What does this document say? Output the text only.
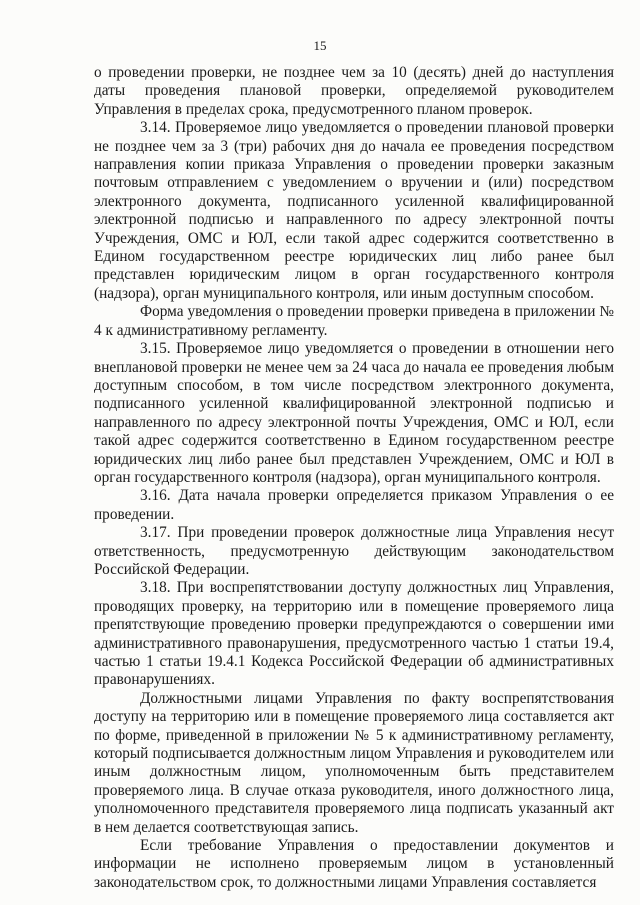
15

о проведении проверки, не позднее чем за 10 (десять) дней до наступления даты проведения плановой проверки, определяемой руководителем Управления в пределах срока, предусмотренного планом проверок.

3.14. Проверяемое лицо уведомляется о проведении плановой проверки не позднее чем за 3 (три) рабочих дня до начала ее проведения посредством направления копии приказа Управления о проведении проверки заказным почтовым отправлением с уведомлением о вручении и (или) посредством электронного документа, подписанного усиленной квалифицированной электронной подписью и направленного по адресу электронной почты Учреждения, ОМС и ЮЛ, если такой адрес содержится соответственно в Едином государственном реестре юридических лиц либо ранее был представлен юридическим лицом в орган государственного контроля (надзора), орган муниципального контроля, или иным доступным способом.

Форма уведомления о проведении проверки приведена в приложении № 4 к административному регламенту.

3.15. Проверяемое лицо уведомляется о проведении в отношении него внеплановой проверки не менее чем за 24 часа до начала ее проведения любым доступным способом, в том числе посредством электронного документа, подписанного усиленной квалифицированной электронной подписью и направленного по адресу электронной почты Учреждения, ОМС и ЮЛ, если такой адрес содержится соответственно в Едином государственном реестре юридических лиц либо ранее был представлен Учреждением, ОМС и ЮЛ в орган государственного контроля (надзора), орган муниципального контроля.

3.16. Дата начала проверки определяется приказом Управления о ее проведении.

3.17. При проведении проверок должностные лица Управления несут ответственность, предусмотренную действующим законодательством Российской Федерации.

3.18. При воспрепятствовании доступу должностных лиц Управления, проводящих проверку, на территорию или в помещение проверяемого лица препятствующие проведению проверки предупреждаются о совершении ими административного правонарушения, предусмотренного частью 1 статьи 19.4, частью 1 статьи 19.4.1 Кодекса Российской Федерации об административных правонарушениях.

Должностными лицами Управления по факту воспрепятствования доступу на территорию или в помещение проверяемого лица составляется акт по форме, приведенной в приложении № 5 к административному регламенту, который подписывается должностным лицом Управления и руководителем или иным должностным лицом, уполномоченным быть представителем проверяемого лица. В случае отказа руководителя, иного должностного лица, уполномоченного представителя проверяемого лица подписать указанный акт в нем делается соответствующая запись.

Если требование Управления о предоставлении документов и информации не исполнено проверяемым лицом в установленный законодательством срок, то должностными лицами Управления составляется
